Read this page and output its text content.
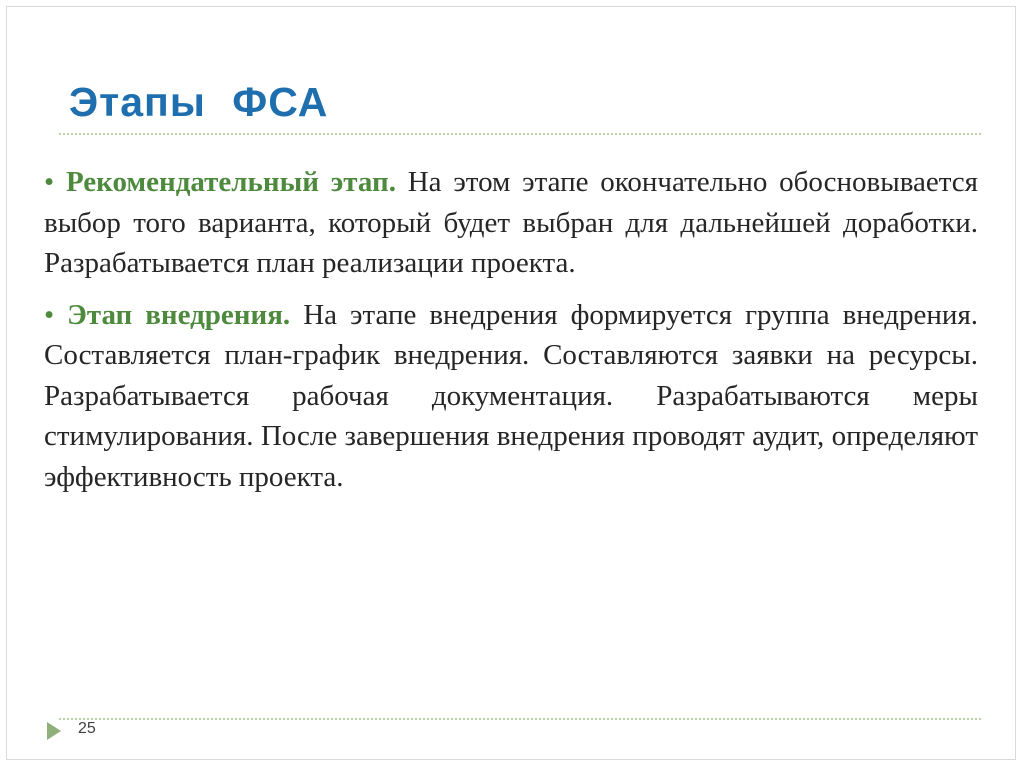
Этапы ФСА

• Рекомендательный этап. На этом этапе окончательно обосновывается выбор того варианта, который будет выбран для дальнейшей доработки. Разрабатывается план реализации проекта.

• Этап внедрения. На этапе внедрения формируется группа внедрения. Составляется план-график внедрения. Составляются заявки на ресурсы. Разрабатывается рабочая документация. Разрабатываются меры стимулирования. После завершения внедрения проводят аудит, определяют эффективность проекта.

25
